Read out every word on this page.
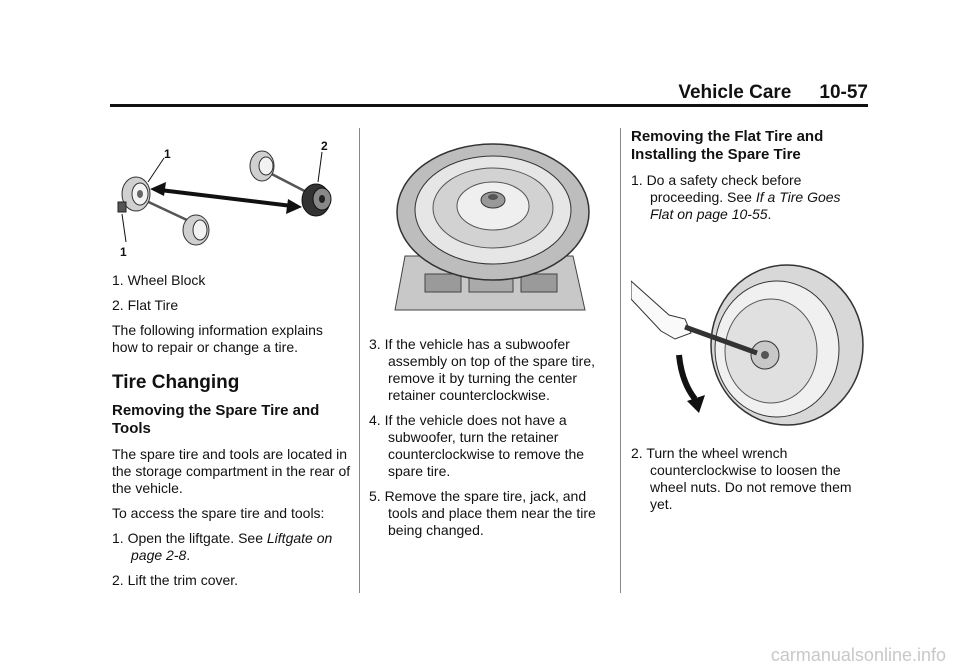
Vehicle Care 10-57
1
2
1

1. Wheel Block

2. Flat Tire

The following information explains how to repair or change a tire.

Tire Changing
Removing the Spare Tire and Tools

The spare tire and tools are located in the storage compartment in the rear of the vehicle.

To access the spare tire and tools:

1. Open the liftgate. See Liftgate on page 2-8.
2. Lift the trim cover.
3. If the vehicle has a subwoofer assembly on top of the spare tire, remove it by turning the center retainer counterclockwise.
4. If the vehicle does not have a subwoofer, turn the retainer counterclockwise to remove the spare tire.
5. Remove the spare tire, jack, and tools and place them near the tire being changed.
Removing the Flat Tire and Installing the Spare Tire
1. Do a safety check before proceeding. See If a Tire Goes Flat on page 10-55.
2. Turn the wheel wrench counterclockwise to loosen the wheel nuts. Do not remove them yet.
carmanualsonline.info
